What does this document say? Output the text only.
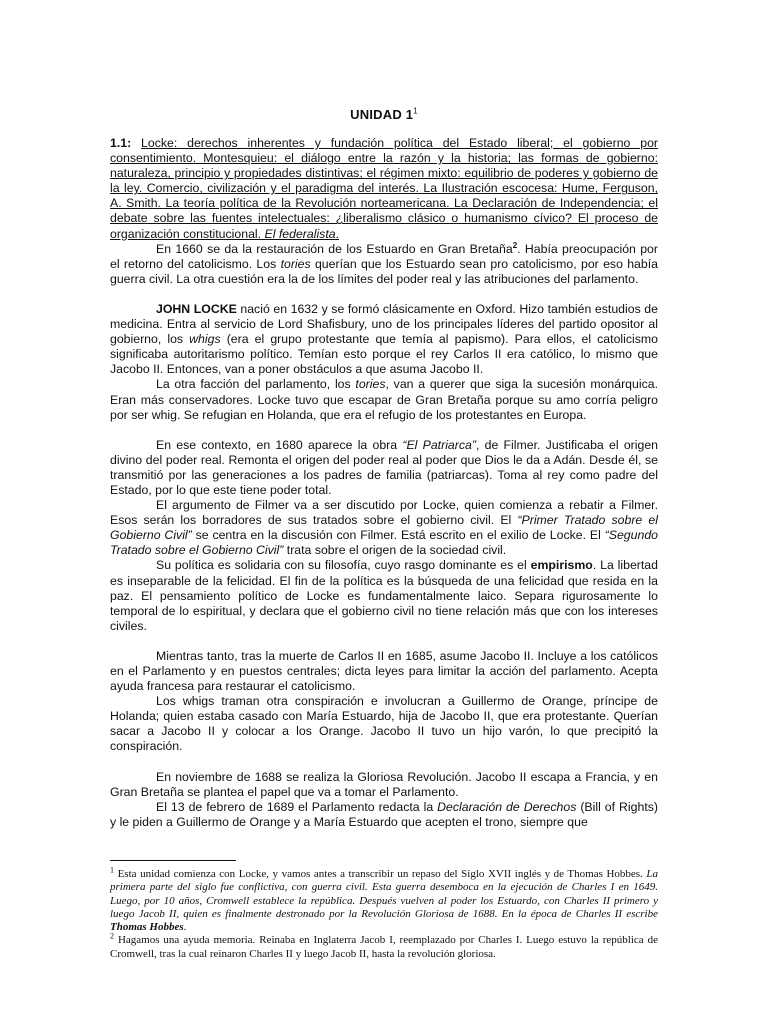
UNIDAD $1^1$

1.1: Locke: derechos inherentes y fundación política del Estado liberal; el gobierno por consentimiento. Montesquieu: el diálogo entre la razón y la historia; las formas de gobierno: naturaleza, principio y propiedades distintivas; el régimen mixto: equilibrio de poderes y gobierno de la ley. Comercio, civilización y el paradigma del interés. La Ilustración escocesa: Hume, Ferguson, A. Smith. La teoría política de la Revolución norteamericana. La Declaración de Independencia; el debate sobre las fuentes intelectuales: ¿liberalismo clásico o humanismo cívico? El proceso de organización constitucional. El federalista.

En 1660 se da la restauración de los Estuardo en Gran Bretaña$^2$. Había preocupación por el retorno del catolicismo. Los tories querían que los Estuardo sean pro catolicismo, por eso había guerra civil. La otra cuestión era la de los límites del poder real y las atribuciones del parlamento.

JOHN LOCKE nació en 1632 y se formó clásicamente en Oxford. Hizo también estudios de medicina. Entra al servicio de Lord Shafisbury, uno de los principales líderes del partido opositor al gobierno, los whigs (era el grupo protestante que temía al papismo). Para ellos, el catolicismo significaba autoritarismo político. Temían esto porque el rey Carlos II era católico, lo mismo que Jacobo II. Entonces, van a poner obstáculos a que asuma Jacobo II.

La otra facción del parlamento, los tories, van a querer que siga la sucesión monárquica. Eran más conservadores. Locke tuvo que escapar de Gran Bretaña porque su amo corría peligro por ser whig. Se refugian en Holanda, que era el refugio de los protestantes en Europa.

En ese contexto, en 1680 aparece la obra “El Patriarca”, de Filmer. Justificaba el origen divino del poder real. Remonta el origen del poder real al poder que Dios le da a Adán. Desde él, se transmitió por las generaciones a los padres de familia (patriarcas). Toma al rey como padre del Estado, por lo que este tiene poder total.

El argumento de Filmer va a ser discutido por Locke, quien comienza a rebatir a Filmer. Esos serán los borradores de sus tratados sobre el gobierno civil. El “Primer Tratado sobre el Gobierno Civil” se centra en la discusión con Filmer. Está escrito en el exilio de Locke. El “Segundo Tratado sobre el Gobierno Civil” trata sobre el origen de la sociedad civil.

Su política es solidaria con su filosofía, cuyo rasgo dominante es el empirismo. La libertad es inseparable de la felicidad. El fin de la política es la búsqueda de una felicidad que resida en la paz. El pensamiento político de Locke es fundamentalmente laico. Separa rigurosamente lo temporal de lo espiritual, y declara que el gobierno civil no tiene relación más que con los intereses civiles.

Mientras tanto, tras la muerte de Carlos II en 1685, asume Jacobo II. Incluye a los católicos en el Parlamento y en puestos centrales; dicta leyes para limitar la acción del parlamento. Acepta ayuda francesa para restaurar el catolicismo.

Los whigs traman otra conspiración e involucran a Guillermo de Orange, príncipe de Holanda; quien estaba casado con María Estuardo, hija de Jacobo II, que era protestante. Querían sacar a Jacobo II y colocar a los Orange. Jacobo II tuvo un hijo varón, lo que precipitó la conspiración.

En noviembre de 1688 se realiza la Gloriosa Revolución. Jacobo II escapa a Francia, y en Gran Bretaña se plantea el papel que va a tomar el Parlamento.

El 13 de febrero de 1689 el Parlamento redacta la Declaración de Derechos (Bill of Rights) y le piden a Guillermo de Orange y a María Estuardo que acepten el trono, siempre que

$^1$ Esta unidad comienza con Locke, y vamos antes a transcribir un repaso del Siglo XVII inglés y de Thomas Hobbes. La primera parte del siglo fue conflictiva, con guerra civil. Esta guerra desemboca en la ejecución de Charles I en 1649. Luego, por 10 años, Cromwell establece la república. Después vuelven al poder los Estuardo, con Charles II primero y luego Jacob II, quien es finalmente destronado por la Revolución Gloriosa de 1688. En la época de Charles II escribe Thomas Hobbes.

$^2$ Hagamos una ayuda memoria. Reinaba en Inglaterra Jacob I, reemplazado por Charles I. Luego estuvo la república de Cromwell, tras la cual reinaron Charles II y luego Jacob II, hasta la revolución gloriosa.
